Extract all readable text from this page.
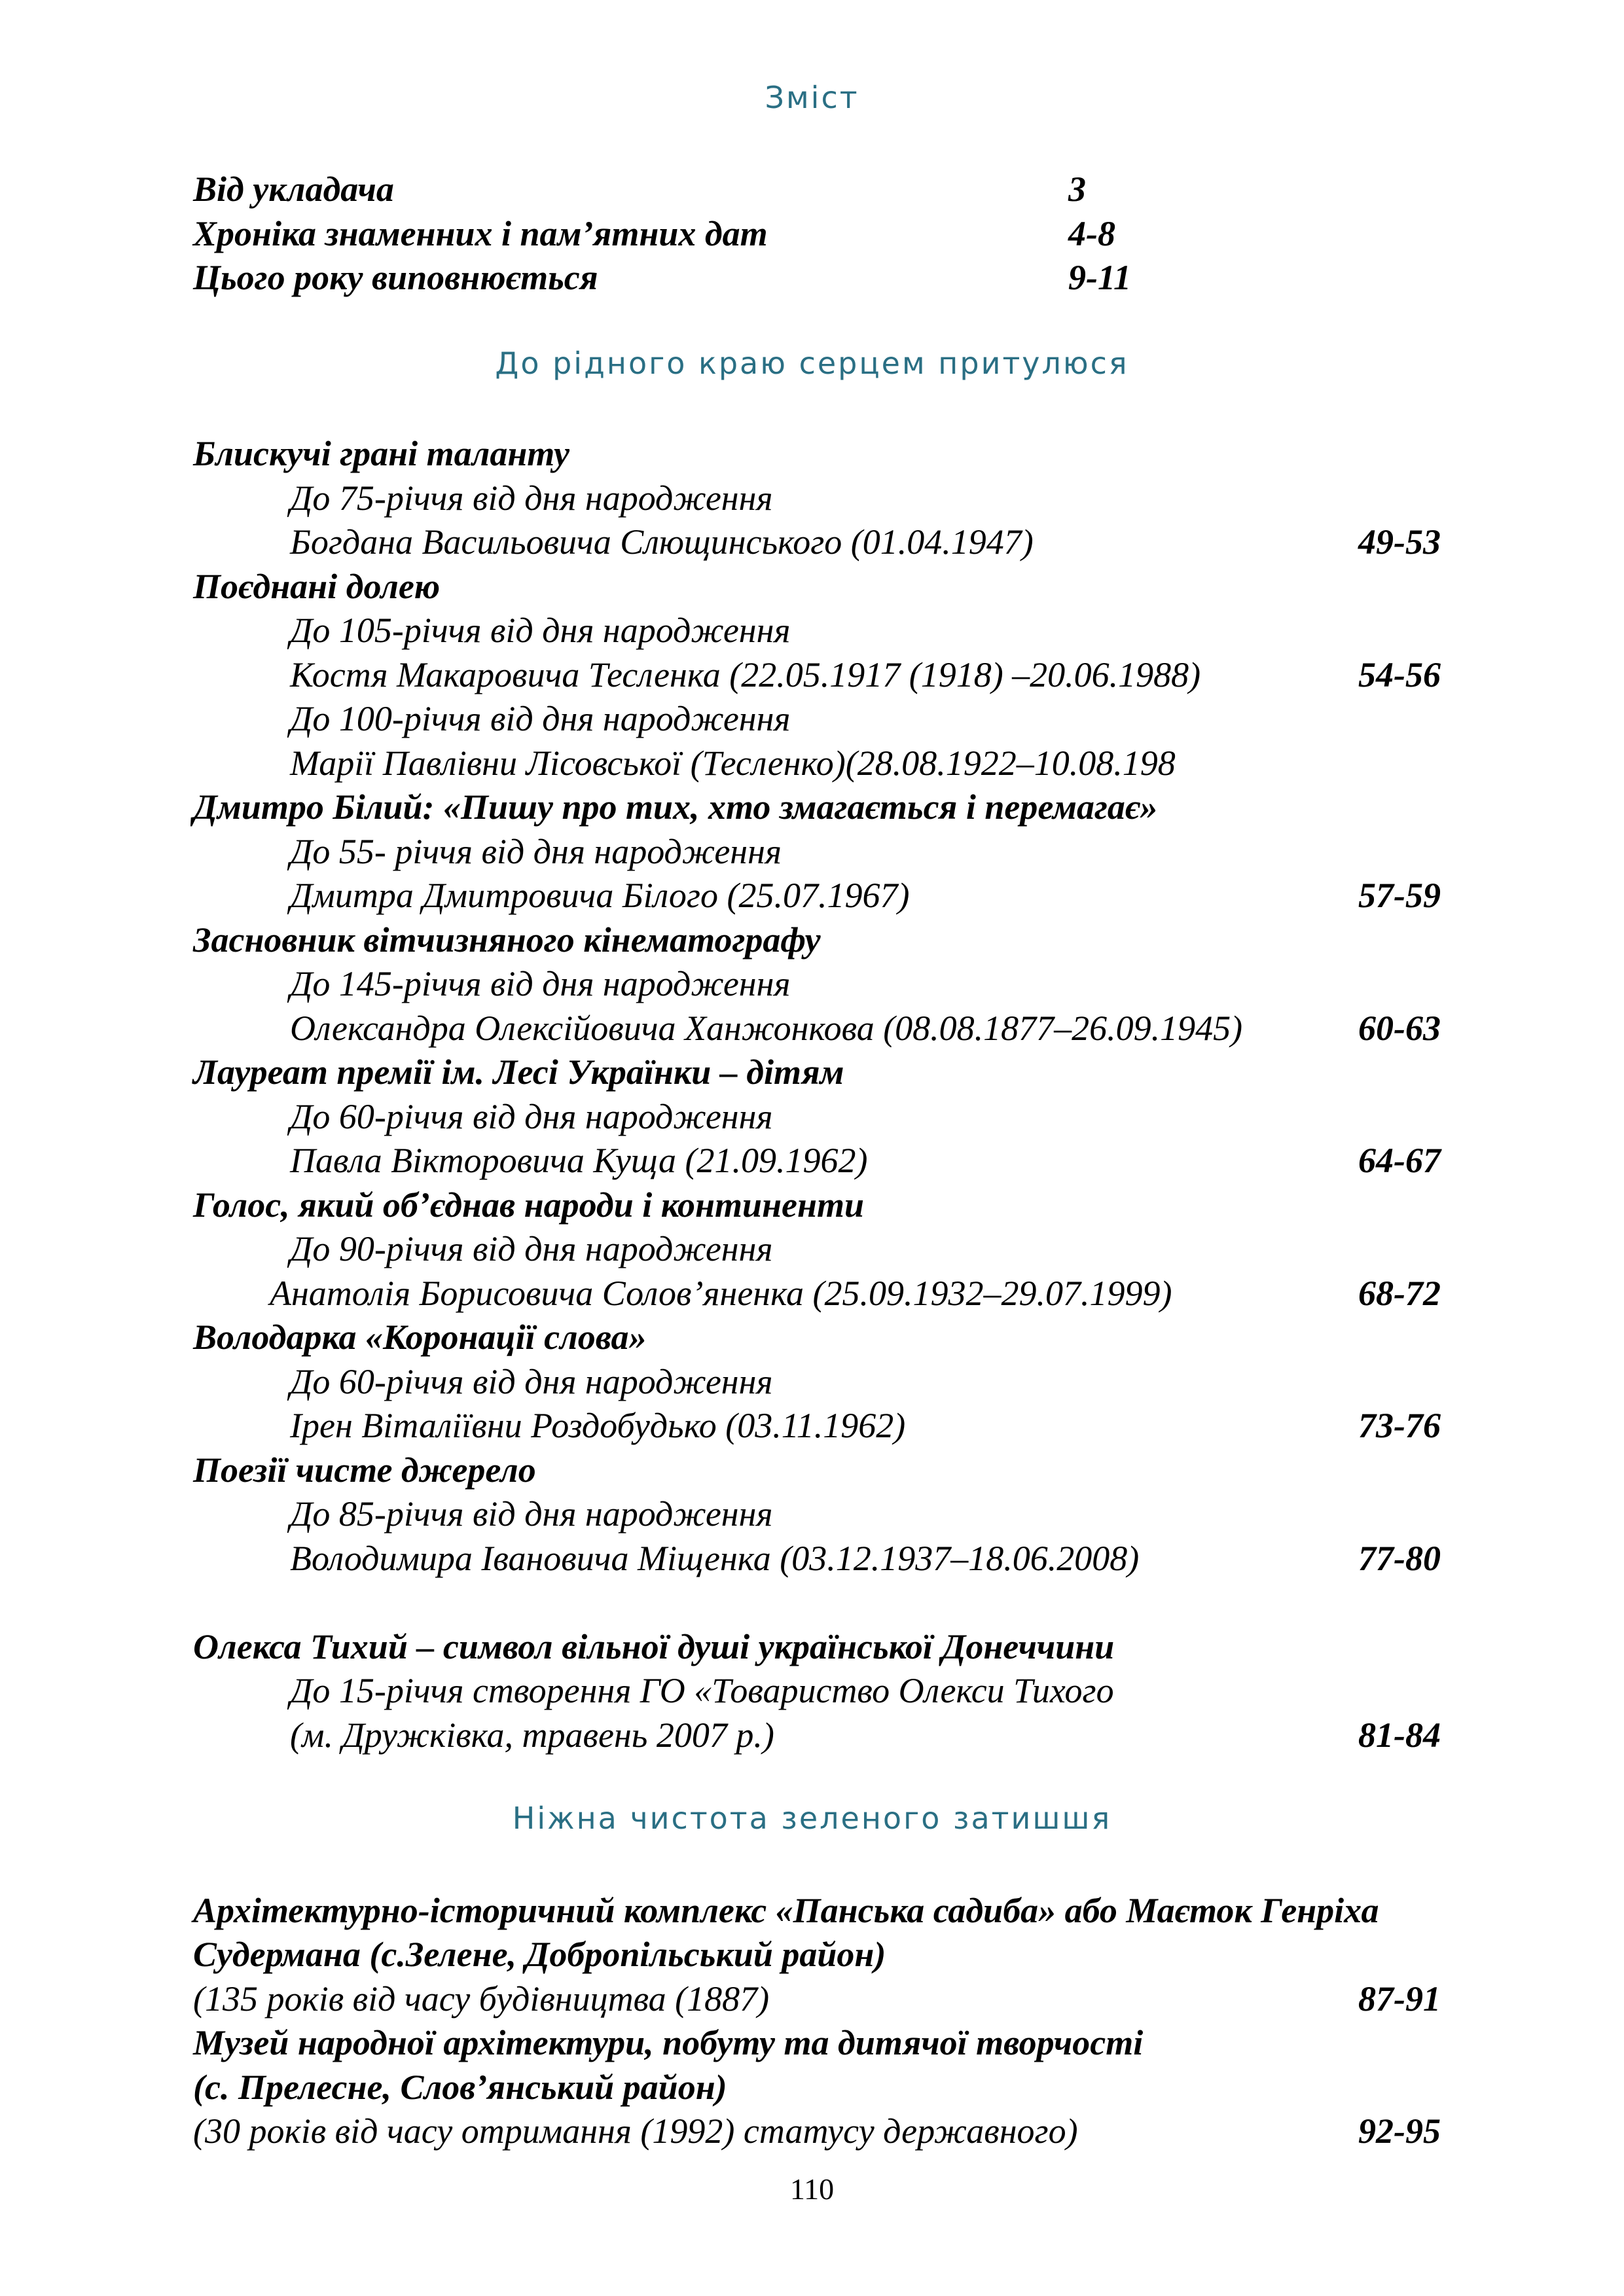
Зміст
Від укладача	3
Хроніка знаменних і пам’ятних дат	4-8
Цього року виповнюється	9-11
До рідного краю серцем притулюся
Блискучі грані таланту
До 75-річчя від дня народження
Богдана Васильовича Слющинського (01.04.1947)	49-53
Поєднані долею
До 105-річчя від дня народження
Костя Макаровича Тесленка (22.05.1917 (1918) –20.06.1988)	54-56
До 100-річчя від дня народження
Марії Павлівни Лісовської (Тесленко)(28.08.1922–10.08.198
Дмитро Білий: «Пишу про тих, хто змагається і перемагає»
До 55- річчя від дня народження
Дмитра Дмитровича Білого (25.07.1967)	57-59
Засновник вітчизняного кінематографу
До 145-річчя від дня народження
Олександра Олексійовича Ханжонкова (08.08.1877–26.09.1945)	60-63
Лауреат премії ім. Лесі Українки – дітям
До 60-річчя від дня народження
Павла Вікторовича Куща (21.09.1962)	64-67
Голос, який об’єднав народи і континенти
До 90-річчя від дня народження
Анатолія Борисовича Солов’яненка (25.09.1932–29.07.1999)	68-72
Володарка «Коронації слова»
До 60-річчя від дня народження
Ірен Віталіївни Роздобудько (03.11.1962)	73-76
Поезії чисте джерело
До 85-річчя від дня народження
Володимира Івановича Міщенка (03.12.1937–18.06.2008)	77-80
Олекса Тихий – символ вільної душі української Донеччини
До 15-річчя створення ГО «Товариство Олекси Тихого
(м. Дружківка, травень 2007 р.)	81-84
Ніжна чистота зеленого затишшя
Архітектурно-історичний комплекс «Панська садиба» або Маєток Генріха
Судермана (с.Зелене, Добропільський район)
(135 років від часу будівництва (1887)	87-91
Музей народної архітектури, побуту та дитячої творчості
(с. Прелесне, Слов’янський район)
(30 років від часу отримання (1992) статусу державного)	92-95
110
